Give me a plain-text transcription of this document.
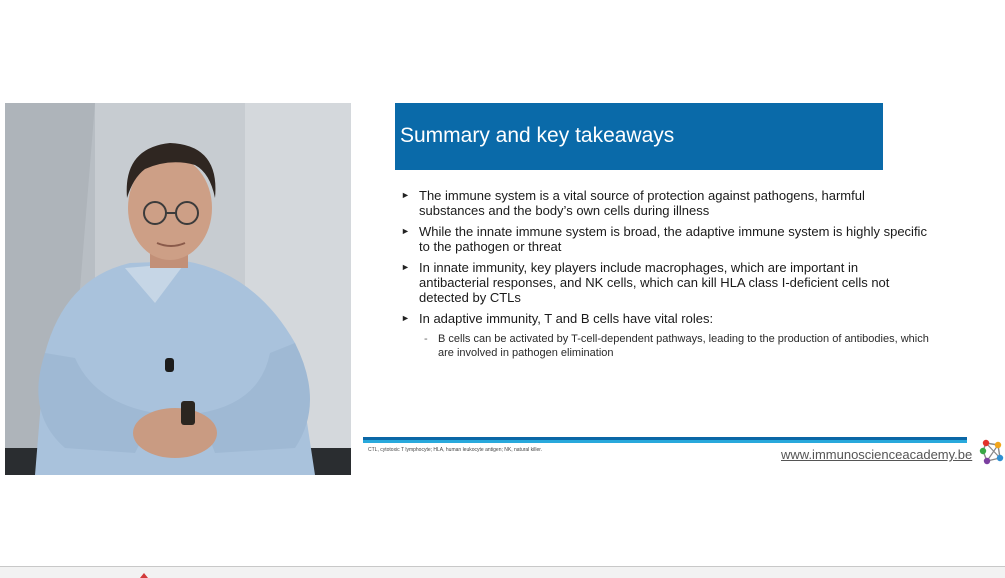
Summary and key takeaways
► The immune system is a vital source of protection against pathogens, harmful substances and the body’s own cells during illness
► While the innate immune system is broad, the adaptive immune system is highly specific to the pathogen or threat
► In innate immunity, key players include macrophages, which are important in antibacterial responses, and NK cells, which can kill HLA class I-deficient cells not detected by CTLs
► In adaptive immunity, T and B cells have vital roles:
- B cells can be activated by T-cell-dependent pathways, leading to the production of antibodies, which are involved in pathogen elimination
CTL, cytotoxic T lymphocyte; HLA, human leukocyte antigen; NK, natural killer.	www.immunoscienceacademy.be
